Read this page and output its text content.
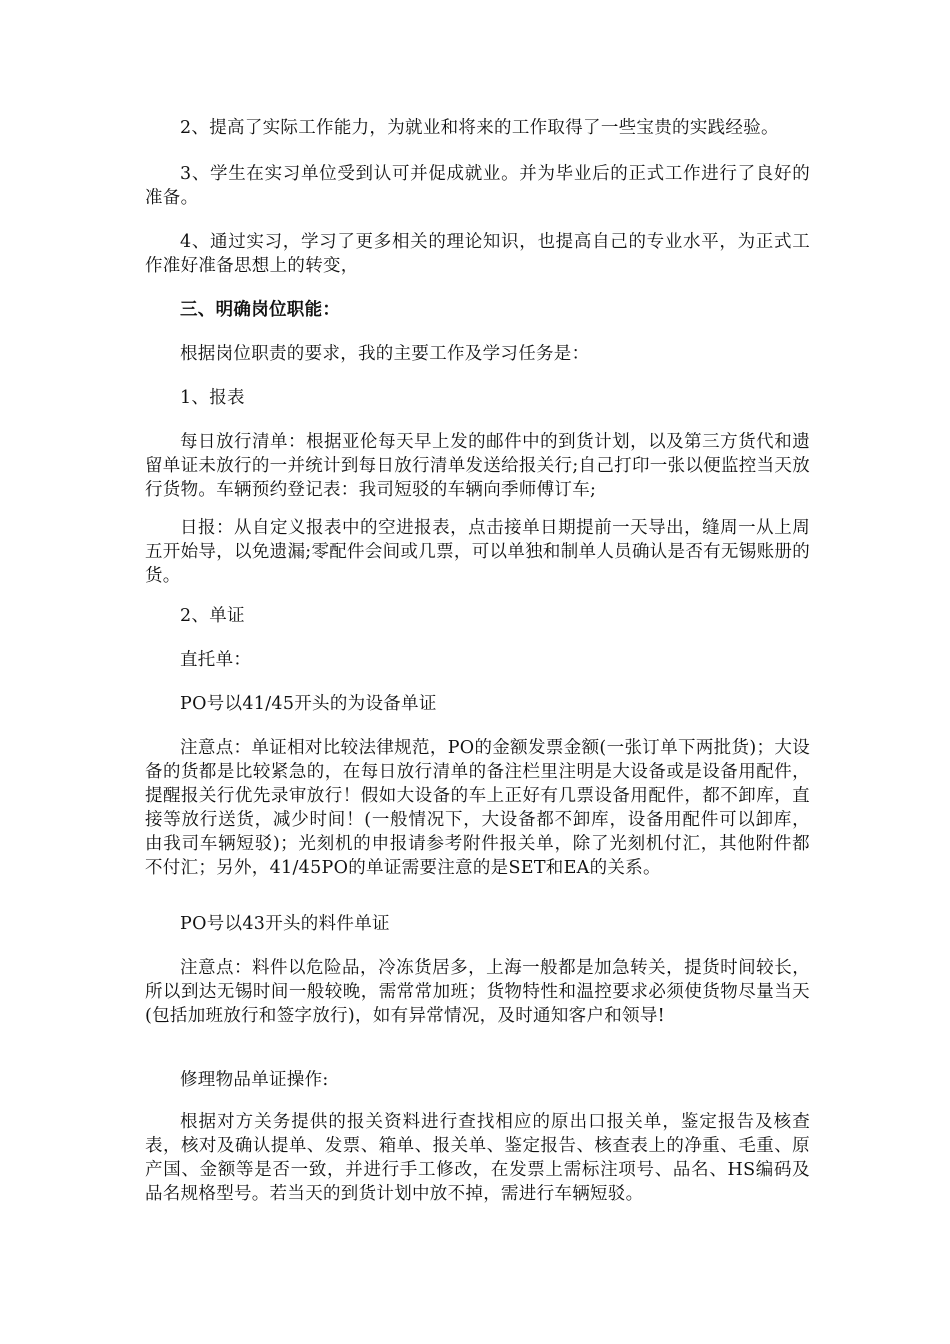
2、提高了实际工作能力，为就业和将来的工作取得了一些宝贵的实践经验。

3、学生在实习单位受到认可并促成就业。并为毕业后的正式工作进行了良好的准备。

4、通过实习，学习了更多相关的理论知识，也提高自己的专业水平，为正式工作准好准备思想上的转变，

三、明确岗位职能：

根据岗位职责的要求，我的主要工作及学习任务是：

1、报表

每日放行清单：根据亚伦每天早上发的邮件中的到货计划，以及第三方货代和遗留单证未放行的一并统计到每日放行清单发送给报关行;自己打印一张以便监控当天放行货物。车辆预约登记表：我司短驳的车辆向季师傅订车;

日报：从自定义报表中的空进报表，点击接单日期提前一天导出，缝周一从上周五开始导，以免遗漏;零配件会间或几票，可以单独和制单人员确认是否有无锡账册的货。

2、单证

直托单：

PO号以41/45开头的为设备单证

注意点：单证相对比较法律规范，PO的金额发票金额(一张订单下两批货)；大设备的货都是比较紧急的，在每日放行清单的备注栏里注明是大设备或是设备用配件，提醒报关行优先录审放行！假如大设备的车上正好有几票设备用配件，都不卸库，直接等放行送货，减少时间！(一般情况下，大设备都不卸库，设备用配件可以卸库，由我司车辆短驳)；光刻机的申报请参考附件报关单，除了光刻机付汇，其他附件都不付汇；另外，41/45PO的单证需要注意的是SET和EA的关系。

PO号以43开头的料件单证

注意点：料件以危险品，冷冻货居多，上海一般都是加急转关，提货时间较长，所以到达无锡时间一般较晚，需常常加班；货物特性和温控要求必须使货物尽量当天(包括加班放行和签字放行)，如有异常情况，及时通知客户和领导!

修理物品单证操作:

根据对方关务提供的报关资料进行查找相应的原出口报关单，鉴定报告及核查表，核对及确认提单、发票、箱单、报关单、鉴定报告、核查表上的净重、毛重、原产国、金额等是否一致，并进行手工修改，在发票上需标注项号、品名、HS编码及品名规格型号。若当天的到货计划中放不掉，需进行车辆短驳。
